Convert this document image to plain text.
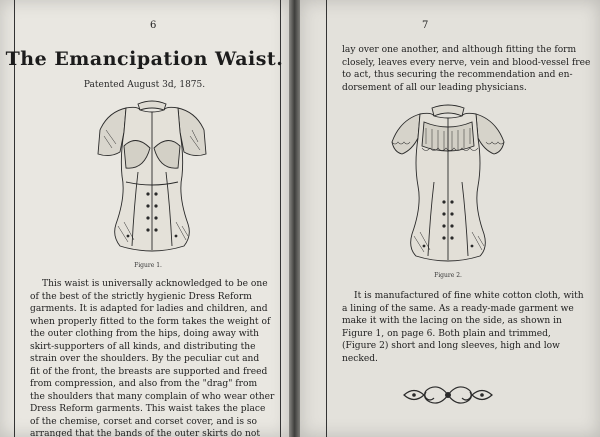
6
The Emancipation Waist.
Patented August 3d, 1875.
Figure 1.
This waist is universally acknowledged to be one
of the best of the strictly hygienic Dress Reform
garments. It is adapted for ladies and children, and
when properly fitted to the form takes the weight of
the outer clothing from the hips, doing away with
skirt-supporters of all kinds, and distributing the
strain over the shoulders. By the peculiar cut and
fit of the front, the breasts are supported and freed
from compression, and also from the "drag" from
the shoulders that many complain of who wear other
Dress Reform garments. This waist takes the place
of the chemise, corset and corset cover, and is so
arranged that the bands of the outer skirts do not
7
lay over one another, and although fitting the form
closely, leaves every nerve, vein and blood-vessel free
to act, thus securing the recommendation and en-
dorsement of all our leading physicians.
Figure 2.
It is manufactured of fine white cotton cloth, with
a lining of the same. As a ready-made garment we
make it with the lacing on the side, as shown in
Figure 1, on page 6. Both plain and trimmed,
(Figure 2) short and long sleeves, high and low
necked.
